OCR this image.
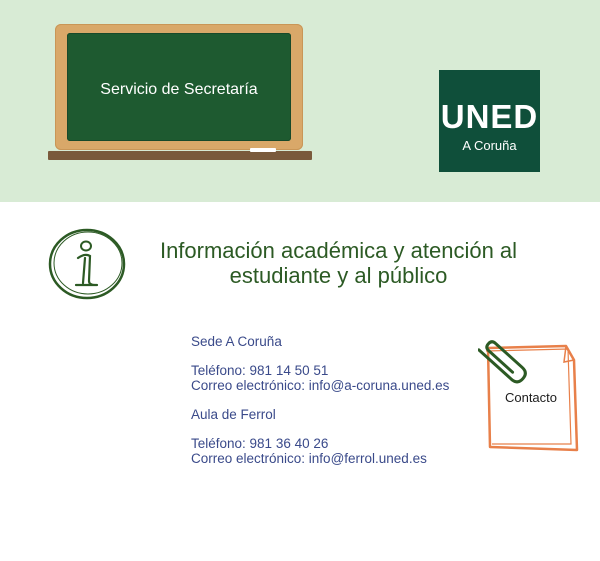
Servicio de Secretaría
UNED
A Coruña
Información académica y atención al
estudiante y al público

Sede A Coruña

Teléfono: 981 14 50 51

Correo electrónico: info@a-coruna.uned.es

Aula de Ferrol

Teléfono: 981 36 40 26

Correo electrónico: info@ferrol.uned.es

Contacto
